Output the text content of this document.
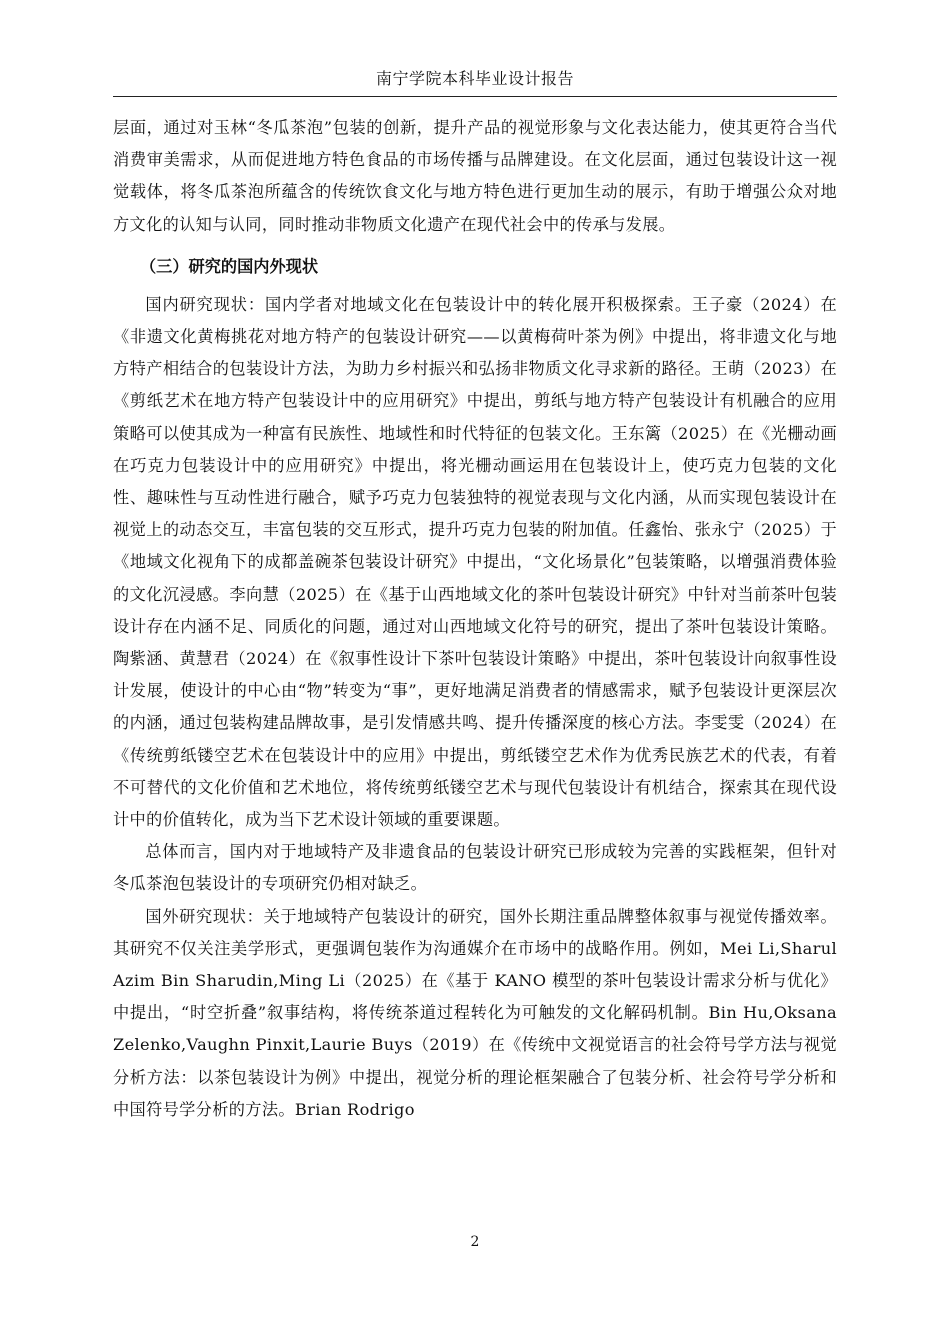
南宁学院本科毕业设计报告

层面，通过对玉林“冬瓜茶泡”包装的创新，提升产品的视觉形象与文化表达能力，使其更符合当代消费审美需求，从而促进地方特色食品的市场传播与品牌建设。在文化层面，通过包装设计这一视觉载体，将冬瓜茶泡所蕴含的传统饮食文化与地方特色进行更加生动的展示，有助于增强公众对地方文化的认知与认同，同时推动非物质文化遗产在现代社会中的传承与发展。

（三）研究的国内外现状

国内研究现状：国内学者对地域文化在包装设计中的转化展开积极探索。王子豪（2024）在《非遗文化黄梅挑花对地方特产的包装设计研究——以黄梅荷叶茶为例》中提出，将非遗文化与地方特产相结合的包装设计方法，为助力乡村振兴和弘扬非物质文化寻求新的路径。王萌（2023）在《剪纸艺术在地方特产包装设计中的应用研究》中提出，剪纸与地方特产包装设计有机融合的应用策略可以使其成为一种富有民族性、地域性和时代特征的包装文化。王东篱（2025）在《光栅动画在巧克力包装设计中的应用研究》中提出，将光栅动画运用在包装设计上，使巧克力包装的文化性、趣味性与互动性进行融合，赋予巧克力包装独特的视觉表现与文化内涵，从而实现包装设计在视觉上的动态交互，丰富包装的交互形式，提升巧克力包装的附加值。任鑫怡、张永宁（2025）于《地域文化视角下的成都盖碗茶包装设计研究》中提出，“文化场景化”包装策略，以增强消费体验的文化沉浸感。李向慧（2025）在《基于山西地域文化的茶叶包装设计研究》中针对当前茶叶包装设计存在内涵不足、同质化的问题，通过对山西地域文化符号的研究，提出了茶叶包装设计策略。陶紫涵、黄慧君（2024）在《叙事性设计下茶叶包装设计策略》中提出，茶叶包装设计向叙事性设计发展，使设计的中心由“物”转变为“事”，更好地满足消费者的情感需求，赋予包装设计更深层次的内涵，通过包装构建品牌故事，是引发情感共鸣、提升传播深度的核心方法。李雯雯（2024）在《传统剪纸镂空艺术在包装设计中的应用》中提出，剪纸镂空艺术作为优秀民族艺术的代表，有着不可替代的文化价值和艺术地位，将传统剪纸镂空艺术与现代包装设计有机结合，探索其在现代设计中的价值转化，成为当下艺术设计领域的重要课题。

总体而言，国内对于地域特产及非遗食品的包装设计研究已形成较为完善的实践框架，但针对冬瓜茶泡包装设计的专项研究仍相对缺乏。

国外研究现状：关于地域特产包装设计的研究，国外长期注重品牌整体叙事与视觉传播效率。其研究不仅关注美学形式，更强调包装作为沟通媒介在市场中的战略作用。例如，Mei Li,Sharul Azim Bin Sharudin,Ming Li（2025）在《基于 KANO 模型的茶叶包装设计需求分析与优化》中提出，“时空折叠”叙事结构，将传统茶道过程转化为可触发的文化解码机制。Bin Hu,Oksana Zelenko,Vaughn Pinxit,Laurie Buys（2019）在《传统中文视觉语言的社会符号学方法与视觉分析方法：以茶包装设计为例》中提出，视觉分析的理论框架融合了包装分析、社会符号学分析和中国符号学分析的方法。Brian Rodrigo

2
